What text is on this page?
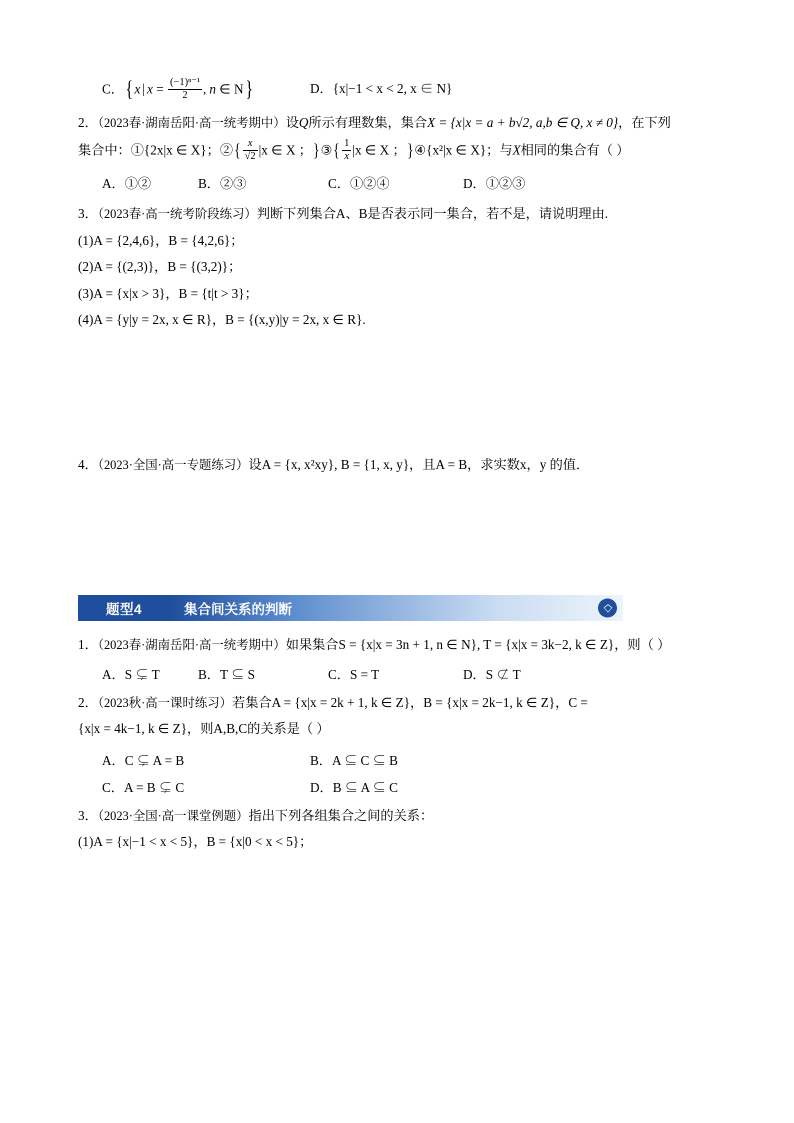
C．{x | $x = \frac{\text{(−1)ⁿ⁻¹}}{2}$ , n ∈ N}	D．{x|−1 < x < 2, x ∈ N}
2．（2023春·湖南岳阳·高一统考期中）设Q所示有理数集，集合X = {x|x = a + b√2, a,b ∈ Q, x ≠ 0}，在下列
集合中：①{2x|x ∈ X}；②{ $\frac{x}{√2} |x$ ∈ X ；}③{ $\frac{1}{x} |x$ ∈ X ；}④{x²|x ∈ X}；与X相同的集合有（ ）
A．①②	B．②③	C．①②④	D．①②③
3．（2023春·高一统考阶段练习）判断下列集合A、B是否表示同一集合，若不是，请说明理由.
(1)A = {2,4,6}，B = {4,2,6}；
(2)A = {(2,3)}，B = {(3,2)}；
(3)A = {x|x > 3}，B = {t|t > 3}；
(4)A = {y|y = 2x, x ∈ R}，B = {(x,y)|y = 2x, x ∈ R}.
4．（2023·全国·高一专题练习）设A = {x, x²xy}, B = {1, x, y}，且A = B，求实数x，y 的值．
题型4	集合间关系的判断
1．（2023春·湖南岳阳·高一统考期中）如果集合S = {x|x = 3n + 1, n ∈ N}, T = {x|x = 3k−2, k ∈ Z}，则（ ）
A．S ⊊ T	B．T ⊆ S	C．S = T	D．S ⊄ T
2．（2023秋·高一课时练习）若集合A = {x|x = 2k + 1, k ∈ Z}，B = {x|x = 2k−1, k ∈ Z}，C =
{x|x = 4k−1, k ∈ Z}，则A,B,C的关系是（ ）
A．C ⊊ A = B	B．A ⊆ C ⊆ B
C．A = B ⊊ C	D．B ⊆ A ⊆ C
3．（2023·全国·高一课堂例题）指出下列各组集合之间的关系：
(1)A = {x|−1 < x < 5}，B = {x|0 < x < 5}；
